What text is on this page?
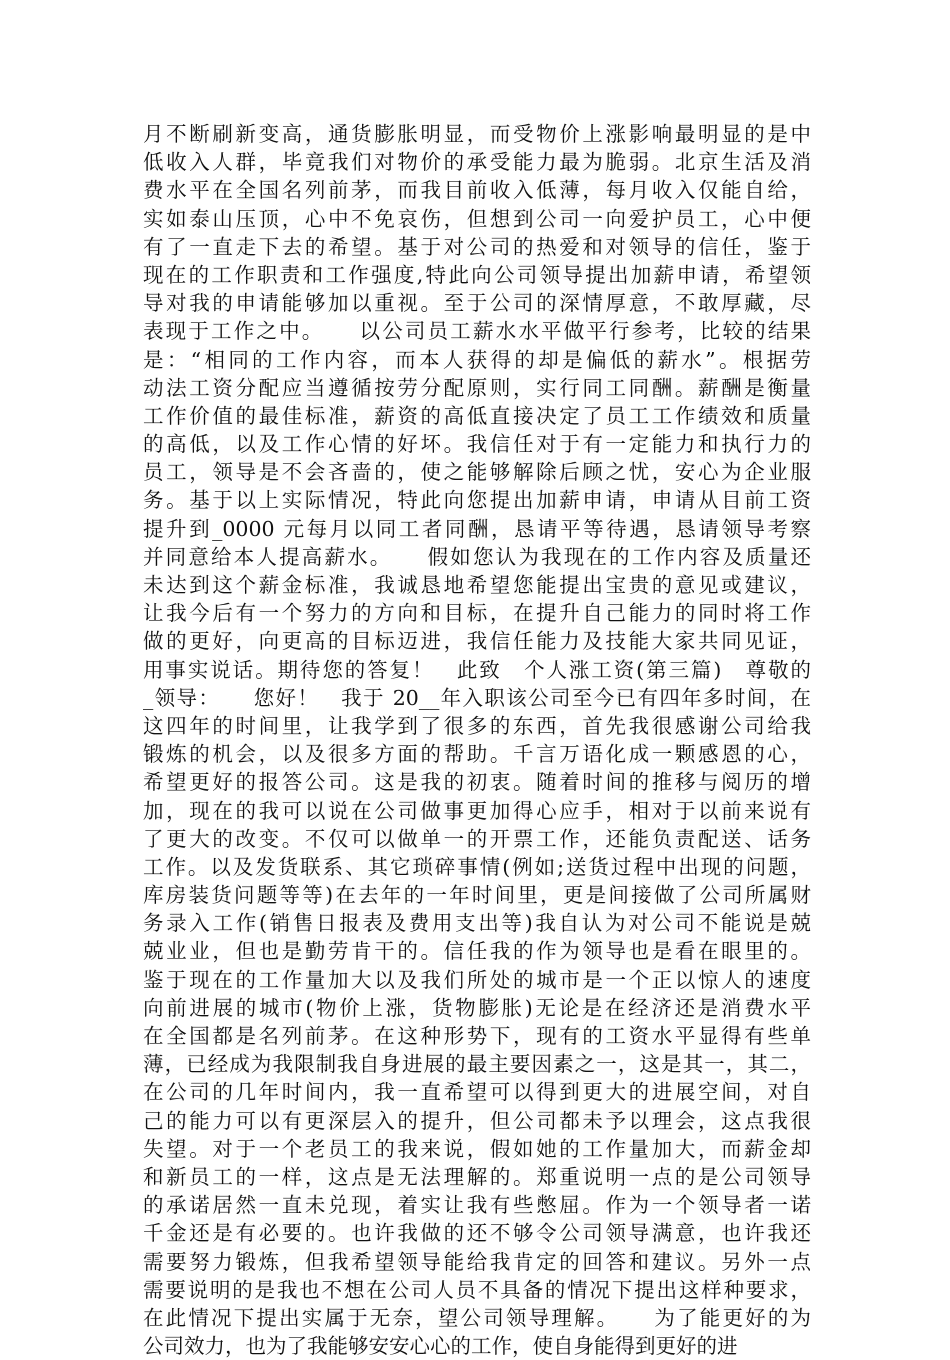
月不断刷新变高，通货膨胀明显，而受物价上涨影响最明显的是中
低收入人群，毕竟我们对物价的承受能力最为脆弱。北京生活及消
费水平在全国名列前茅，而我目前收入低薄，每月收入仅能自给，
实如泰山压顶，心中不免哀伤，但想到公司一向爱护员工，心中便
有了一直走下去的希望。基于对公司的热爱和对领导的信任，鉴于
现在的工作职责和工作强度,特此向公司领导提出加薪申请，希望领
导对我的申请能够加以重视。至于公司的深情厚意，不敢厚藏，尽
表现于工作之中。　　以公司员工薪水水平做平行参考，比较的结果
是：“相同的工作内容，而本人获得的却是偏低的薪水”。根据劳
动法工资分配应当遵循按劳分配原则，实行同工同酬。薪酬是衡量
工作价值的最佳标准，薪资的高低直接决定了员工工作绩效和质量
的高低，以及工作心情的好坏。我信任对于有一定能力和执行力的
员工，领导是不会吝啬的，使之能够解除后顾之忧，安心为企业服
务。基于以上实际情况，特此向您提出加薪申请，申请从目前工资
提升到_0000 元每月以同工者同酬，恳请平等待遇，恳请领导考察
并同意给本人提高薪水。　　假如您认为我现在的工作内容及质量还
未达到这个薪金标准，我诚恳地希望您能提出宝贵的意见或建议，
让我今后有一个努力的方向和目标，在提升自己能力的同时将工作
做的更好，向更高的目标迈进，我信任能力及技能大家共同见证，
用事实说话。期待您的答复！　此致　个人涨工资(第三篇)　尊敬的
_领导：　　您好！　我于 20__年入职该公司至今已有四年多时间，在
这四年的时间里，让我学到了很多的东西，首先我很感谢公司给我
锻炼的机会，以及很多方面的帮助。千言万语化成一颗感恩的心，
希望更好的报答公司。这是我的初衷。随着时间的推移与阅历的增
加，现在的我可以说在公司做事更加得心应手，相对于以前来说有
了更大的改变。不仅可以做单一的开票工作，还能负责配送、话务
工作。以及发货联系、其它琐碎事情(例如;送货过程中出现的问题，
库房装货问题等等)在去年的一年时间里，更是间接做了公司所属财
务录入工作(销售日报表及费用支出等)我自认为对公司不能说是兢
兢业业，但也是勤劳肯干的。信任我的作为领导也是看在眼里的。
鉴于现在的工作量加大以及我们所处的城市是一个正以惊人的速度
向前进展的城市(物价上涨，货物膨胀)无论是在经济还是消费水平
在全国都是名列前茅。在这种形势下，现有的工资水平显得有些单
薄，已经成为我限制我自身进展的最主要因素之一，这是其一，其二，
在公司的几年时间内，我一直希望可以得到更大的进展空间，对自
己的能力可以有更深层入的提升，但公司都未予以理会，这点我很
失望。对于一个老员工的我来说，假如她的工作量加大，而薪金却
和新员工的一样，这点是无法理解的。郑重说明一点的是公司领导
的承诺居然一直未兑现，着实让我有些憋屈。作为一个领导者一诺
千金还是有必要的。也许我做的还不够令公司领导满意，也许我还
需要努力锻炼，但我希望领导能给我肯定的回答和建议。另外一点
需要说明的是我也不想在公司人员不具备的情况下提出这样种要求，
在此情况下提出实属于无奈，望公司领导理解。　　为了能更好的为
公司效力，也为了我能够安安心心的工作，使自身能得到更好的进
